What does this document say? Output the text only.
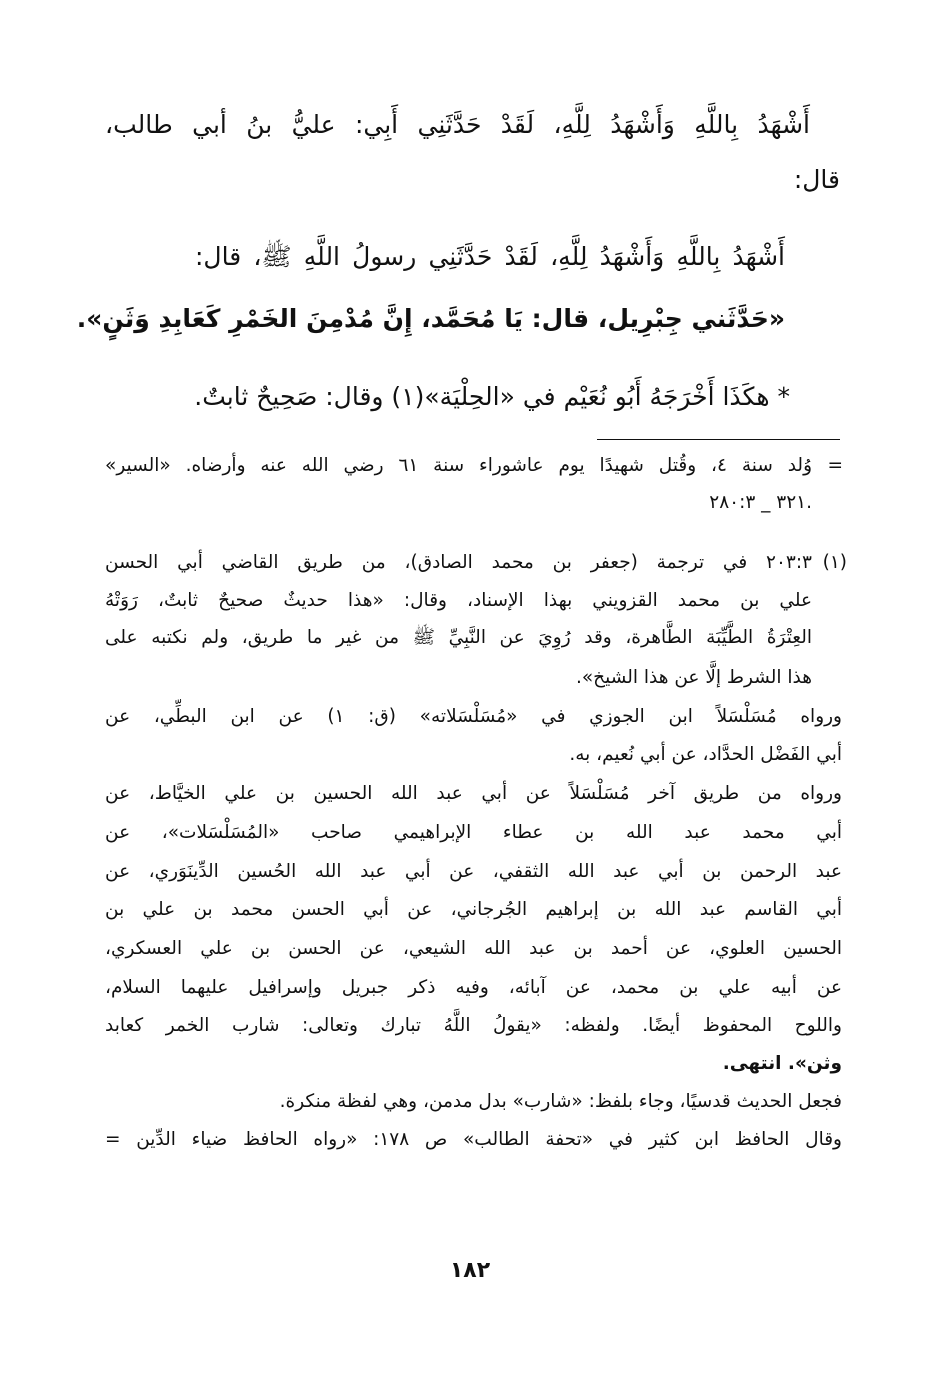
أَشْهَدُ بِاللَّهِ وَأَشْهَدُ لِلَّهِ، لَقَدْ حَدَّثَنِي أَبِي: عليُّ بنُ أبي طالب،
قال:
أَشْهَدُ بِاللَّهِ وَأَشْهَدُ لِلَّهِ، لَقَدْ حَدَّثَنِي رسولُ اللَّهِ ﷺ، قال:
«حَدَّثَني جِبْرِيل، قال: يَا مُحَمَّد، إِنَّ مُدْمِنَ الخَمْرِ كَعَابِدِ وَثَنٍ».
* هكَذَا أَخْرَجَهُ أَبُو نُعَيْم في «الحِلْيَة»(١) وقال: صَحِيحٌ ثابتٌ.
=
(١)
وُلد سنة ٤، وقُتل شهيدًا يوم عاشوراء سنة ٦١ رضي الله عنه وأرضاه. «السير»
.٣٢١ _ ٢٨٠:٣
٢٠٣:٣ في ترجمة (جعفر بن محمد الصادق)، من طريق القاضي أبي الحسن
علي بن محمد القزويني بهذا الإسناد، وقال: «هذا حديثٌ صحيحٌ ثابتٌ، رَوَتْهُ
العِتْرَةُ الطَّيِّبَة الطَّاهرة، وقد رُوِيَ عن النَّبِيِّ ﷺ من غير ما طريق، ولم نكتبه على
هذا الشرط إلَّا عن هذا الشيخ».
ورواه مُسَلْسَلاً ابن الجوزي في «مُسَلْسَلاته» (ق: ١) عن ابن البطِّي، عن
أبي الفَضْل الحدَّاد، عن أبي نُعيم، به.
ورواه من طريق آخر مُسَلْسَلاً عن أبي عبد الله الحسين بن علي الخيَّاط، عن
أبي محمد عبد الله بن عطاء الإبراهيمي صاحب «المُسَلْسَلات»، عن
عبد الرحمن بن أبي عبد الله الثقفي، عن أبي عبد الله الحُسين الدِّينَوَري، عن
أبي القاسم عبد الله بن إبراهيم الجُرجاني، عن أبي الحسن محمد بن علي بن
الحسين العلوي، عن أحمد بن عبد الله الشيعي، عن الحسن بن علي العسكري،
عن أبيه علي بن محمد، عن آبائه، وفيه ذكر جبريل وإسرافيل عليهما السلام،
واللوح المحفوظ أيضًا. ولفظه: «يقولُ اللَّهُ تبارك وتعالى: شارب الخمر كعابد
وثن». انتهى.
فجعل الحديث قدسيًا، وجاء بلفظ: «شارب» بدل مدمن، وهي لفظة منكرة.
وقال الحافظ ابن كثير في «تحفة الطالب» ص ١٧٨: «رواه الحافظ ضياء الدِّين =
١٨٢
